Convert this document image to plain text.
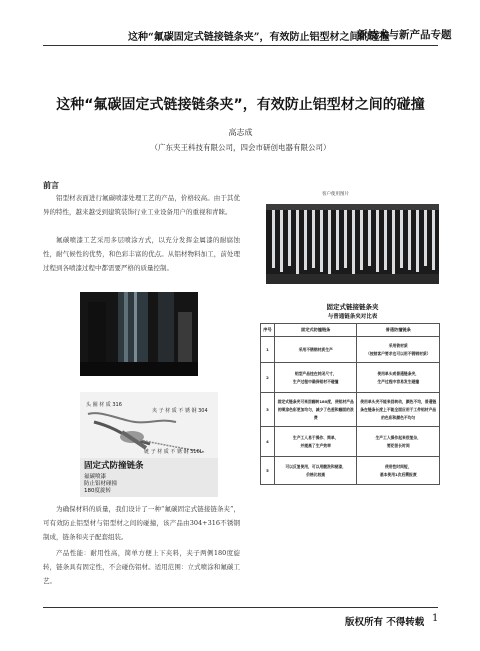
这种“氟碳固定式链接链条夹”，有效防止铝型材之间的碰撞
新技术与新产品专题
这种“氟碳固定式链接链条夹”，有效防止铝型材之间的碰撞
高志成
（广东夹王科技有限公司，四会市研创电器有限公司）
前言

铝型材表面进行氟碳喷漆处理工艺的产品，价格较高。由于其优异的特性，越来越受到建筑装饰行业工业设备用户的重视和青睐。

氟碳喷漆工艺采用多层喷涂方式，以充分发挥金属漆的耐腐蚀性，耐气候性的优势，和色彩丰富的优点。从铝材物料加工，前处理过程到各喷漆过程中都需要严格的质量控制。

头 圈 材 质 316
夹 子 材 质 不 锈 钢 304
链 子 材 质 不 锈 钢 316L
固定式防撞链条
氟碳喷漆
防止铝材碰撞
180度旋转

为确保材料的质量，我们设计了一种“氟碳固定式链接链条夹”，可有效防止铝型材与铝型材之间的碰撞，该产品由304+316不锈钢制成，链条和夹子配套组装。

产品性能：耐用性高，简单方便上下夹料，夹子两侧180度旋转，链条具有固定性，不会碰伤铝材。适用范围：立式喷涂和氟碳工艺。

客户使用图片
固定式链接链条夹
与普通链条夹对比表
序号	固定式防撞链条	普通防撞链条
1	采用不锈钢材质生产	采用铁材质
（按照客户要求也可以用不锈钢材质）
2	铝型产品挂在封闭尺寸，
生产过程中确保铝材不碰撞	使用单头或普通链条夹，
生产过程中容易发生碰撞
3	固定式链条夹可来回翻转180度，使铝材产品的喷涂色彩更加均匀，减少了色差和翻面的浪费	使用单头夹不能来回转动，颜色不均，普通链条在链条长度上不能全面应用于工件铝材产品的色彩和颜色不均匀
4	生产工人易于操作、简单，
并提高了生产效率	生产工人操作起来很复杂，
要花很长时间
5	可以反复使用，可以用酸洗和褪漆，
价格比较高	使用性时间短，
基本使用1次后需报废
版权所有 不得转载 1
